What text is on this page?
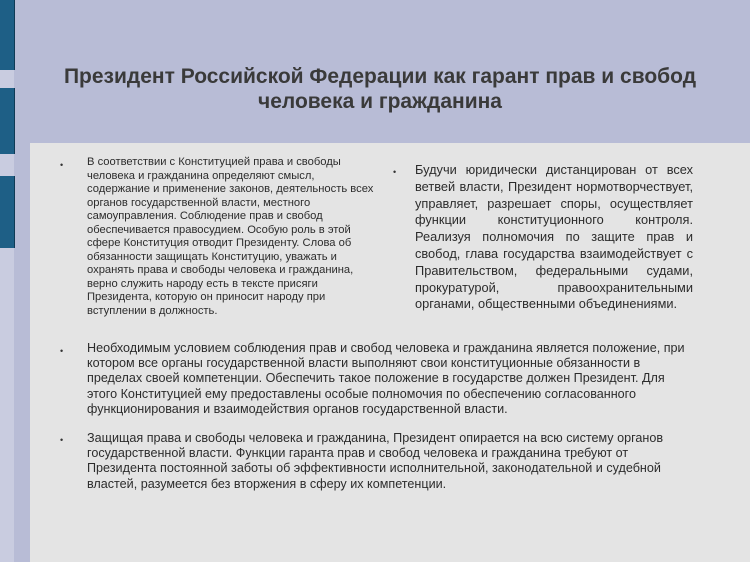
Президент Российской Федерации как гарант прав и свобод человека и гражданина
• В соответствии с Конституцией права и свободы человека и гражданина определяют смысл, содержание и применение законов, деятельность всех органов государственной власти, местного самоуправления. Соблюдение прав и свобод обеспечивается правосудием. Особую роль в этой сфере Конституция отводит Президенту. Слова об обязанности защищать Конституцию, уважать и охранять права и свободы человека и гражданина, верно служить народу есть в тексте присяги Президента, которую он приносит народу при вступлении в должность.
• Будучи юридически дистанцирован от всех ветвей власти, Президент нормотворчествует, управляет, разрешает споры, осуществляет функции конституционного контроля. Реализуя полномочия по защите прав и свобод, глава государства взаимодействует с Правительством, федеральными судами, прокуратурой, правоохранительными органами, общественными объединениями.
• Необходимым условием соблюдения прав и свобод человека и гражданина является положение, при котором все органы государственной власти выполняют свои конституционные обязанности в пределах своей компетенции. Обеспечить такое положение в государстве должен Президент. Для этого Конституцией ему предоставлены особые полномочия по обеспечению согласованного функционирования и взаимодействия органов государственной власти.
• Защищая права и свободы человека и гражданина, Президент опирается на всю систему органов государственной власти. Функции гаранта прав и свобод человека и гражданина требуют от Президента постоянной заботы об эффективности исполнительной, законодательной и судебной властей, разумеется без вторжения в сферу их компетенции.
